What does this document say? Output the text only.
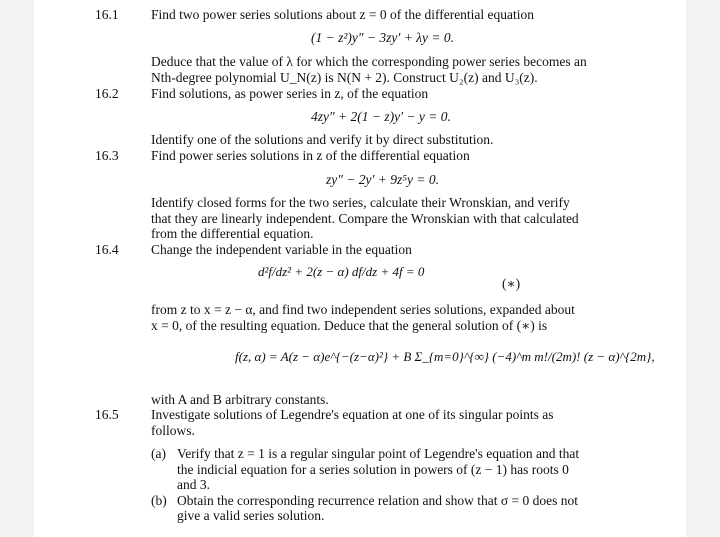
16.1 Find two power series solutions about z = 0 of the differential equation
(1 − z²)y″ − 3zy′ + λy = 0.
Deduce that the value of λ for which the corresponding power series becomes an
Nth-degree polynomial U_N(z) is N(N + 2). Construct U₂(z) and U₃(z).
16.2 Find solutions, as power series in z, of the equation
4zy″ + 2(1 − z)y′ − y = 0.
Identify one of the solutions and verify it by direct substitution.
16.3 Find power series solutions in z of the differential equation
zy″ − 2y′ + 9z⁵y = 0.
Identify closed forms for the two series, calculate their Wronskian, and verify
that they are linearly independent. Compare the Wronskian with that calculated
from the differential equation.
16.4 Change the independent variable in the equation
d²f/dz² + 2(z − α) df/dz + 4f = 0
(∗)
from z to x = z − α, and find two independent series solutions, expanded about
x = 0, of the resulting equation. Deduce that the general solution of (∗) is
f(z, α) = A(z − α)e^{−(z−α)²} + B Σ_{m=0}^{∞} (−4)^m m!/(2m)! (z − α)^{2m},
with A and B arbitrary constants.
16.5 Investigate solutions of Legendre's equation at one of its singular points as
follows.
(a) Verify that z = 1 is a regular singular point of Legendre's equation and that
the indicial equation for a series solution in powers of (z − 1) has roots 0
and 3.
(b) Obtain the corresponding recurrence relation and show that σ = 0 does not
give a valid series solution.
